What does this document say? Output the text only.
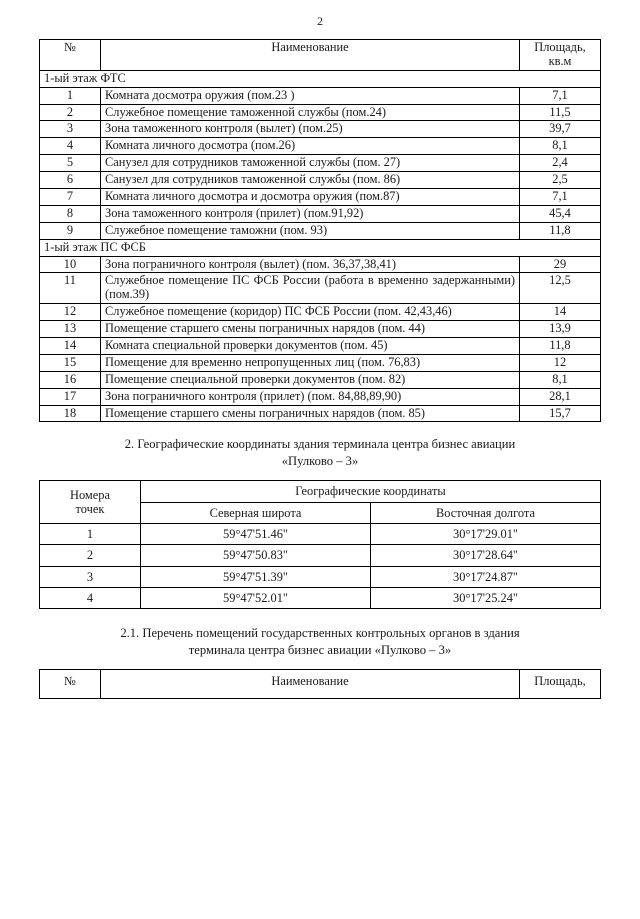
2
№	Наименование	Площадь,
кв.м

1-ый этаж ФТС		
1	Комната досмотра оружия (пом.23 )	7,1
2	Служебное помещение таможенной службы (пом.24)	11,5
3	Зона таможенного контроля (вылет) (пом.25)	39,7
4	Комната личного досмотра (пом.26)	8,1
5	Санузел для сотрудников таможенной службы (пом. 27)	2,4
6	Санузел для сотрудников таможенной службы (пом. 86)	2,5
7	Комната личного досмотра и досмотра оружия (пом.87)	7,1
8	Зона таможенного контроля (прилет) (пом.91,92)	45,4
9	Служебное помещение таможни (пом. 93)	11,8
1-ый этаж ПС ФСБ		
10	Зона пограничного контроля (вылет) (пом. 36,37,38,41)	29
11	Служебное помещение ПС ФСБ России (работа в временно задержанными) (пом.39)	12,5
12	Служебное помещение (коридор) ПС ФСБ России (пом. 42,43,46)	14
13	Помещение старшего смены пограничных нарядов (пом. 44)	13,9
14	Комната специальной проверки документов (пом. 45)	11,8
15	Помещение для временно непропущенных лиц (пом. 76,83)	12
16	Помещение специальной проверки документов (пом. 82)	8,1
17	Зона пограничного контроля (прилет) (пом. 84,88,89,90)	28,1
18	Помещение старшего смены пограничных нарядов (пом. 85)	15,7
2. Географические координаты здания терминала центра бизнес авиации
«Пулково – 3»
Номера
точек	Географические координаты	
	Северная широта	Восточная долгота
1	59°47'51.46"	30°17'29.01"
2	59°47'50.83"	30°17'28.64"
3	59°47'51.39"	30°17'24.87"
4	59°47'52.01"	30°17'25.24"
2.1. Перечень помещений государственных контрольных органов в здания
терминала центра бизнес авиации «Пулково – 3»
№	Наименование	Площадь,
